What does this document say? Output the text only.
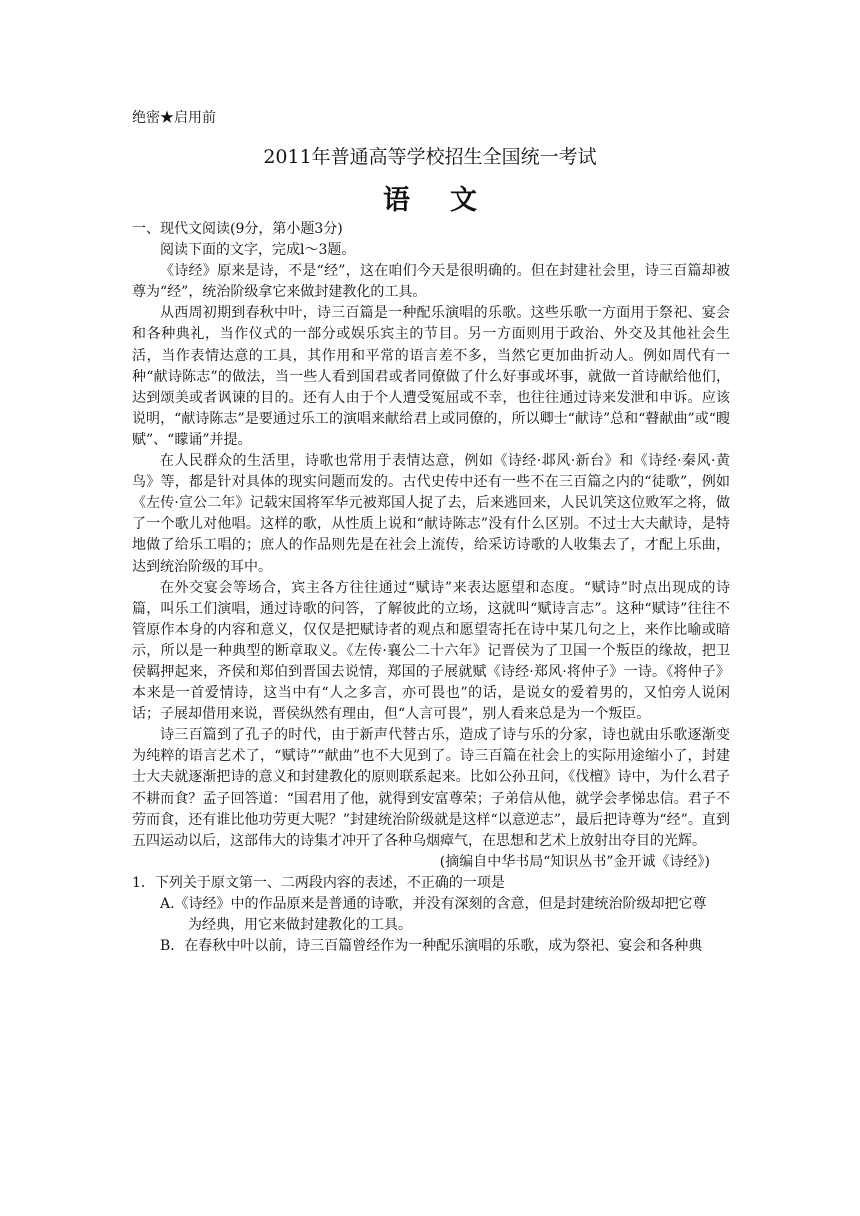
绝密★启用前
2011年普通高等学校招生全国统一考试
语文

一、现代文阅读(9分，第小题3分)

阅读下面的文字，完成l～3题。

《诗经》原来是诗，不是“经”，这在咱们今天是很明确的。但在封建社会里，诗三百篇却被尊为“经”，统治阶级拿它来做封建教化的工具。

从西周初期到春秋中叶，诗三百篇是一种配乐演唱的乐歌。这些乐歌一方面用于祭祀、宴会和各种典礼，当作仪式的一部分或娱乐宾主的节目。另一方面则用于政治、外交及其他社会生活，当作表情达意的工具，其作用和平常的语言差不多，当然它更加曲折动人。例如周代有一种“献诗陈志”的做法，当一些人看到国君或者同僚做了什么好事或坏事，就做一首诗献给他们，达到颂美或者讽谏的目的。还有人由于个人遭受冤屈或不幸，也往往通过诗来发泄和申诉。应该说明，“献诗陈志”是要通过乐工的演唱来献给君上或同僚的，所以卿士“献诗”总和“瞽献曲”或“瞍赋”、“矇诵”并提。

在人民群众的生活里，诗歌也常用于表情达意，例如《诗经·邶风·新台》和《诗经·秦风·黄鸟》等，都是针对具体的现实问题而发的。古代史传中还有一些不在三百篇之内的“徒歌”，例如《左传·宣公二年》记载宋国将军华元被郑国人捉了去，后来逃回来，人民讥笑这位败军之将，做了一个歌儿对他唱。这样的歌，从性质上说和“献诗陈志”没有什么区别。不过士大夫献诗，是特地做了给乐工唱的；庶人的作品则先是在社会上流传，给采访诗歌的人收集去了，才配上乐曲，达到统治阶级的耳中。

在外交宴会等场合，宾主各方往往通过“赋诗”来表达愿望和态度。“赋诗”时点出现成的诗篇，叫乐工们演唱，通过诗歌的问答，了解彼此的立场，这就叫“赋诗言志”。这种“赋诗”往往不管原作本身的内容和意义，仅仅是把赋诗者的观点和愿望寄托在诗中某几句之上，来作比喻或暗示，所以是一种典型的断章取义。《左传·襄公二十六年》记晋侯为了卫国一个叛臣的缘故，把卫侯羁押起来，齐侯和郑伯到晋国去说情，郑国的子展就赋《诗经·郑风·将仲子》一诗。《将仲子》本来是一首爱情诗，这当中有“人之多言，亦可畏也”的话，是说女的爱着男的，又怕旁人说闲话；子展却借用来说，晋侯纵然有理由，但“人言可畏”，别人看来总是为一个叛臣。

诗三百篇到了孔子的时代，由于新声代替古乐，造成了诗与乐的分家，诗也就由乐歌逐渐变为纯粹的语言艺术了，“赋诗”“献曲”也不大见到了。诗三百篇在社会上的实际用途缩小了，封建士大夫就逐渐把诗的意义和封建教化的原则联系起来。比如公孙丑问，《伐檀》诗中，为什么君子不耕而食？孟子回答道：“国君用了他，就得到安富尊荣；子弟信从他，就学会孝悌忠信。君子不劳而食，还有谁比他功劳更大呢？”封建统治阶级就是这样“以意逆志”，最后把诗尊为“经”。直到五四运动以后，这部伟大的诗集才冲开了各种乌烟瘴气，在思想和艺术上放射出夺目的光辉。

(摘编自中华书局“知识丛书”金开诚《诗经》)

1．下列关于原文第一、二两段内容的表述，不正确的一项是

A.《诗经》中的作品原来是普通的诗歌，并没有深刻的含意，但是封建统治阶级却把它尊

为经典，用它来做封建教化的工具。

B．在春秋中叶以前，诗三百篇曾经作为一种配乐演唱的乐歌，成为祭祀、宴会和各种典
